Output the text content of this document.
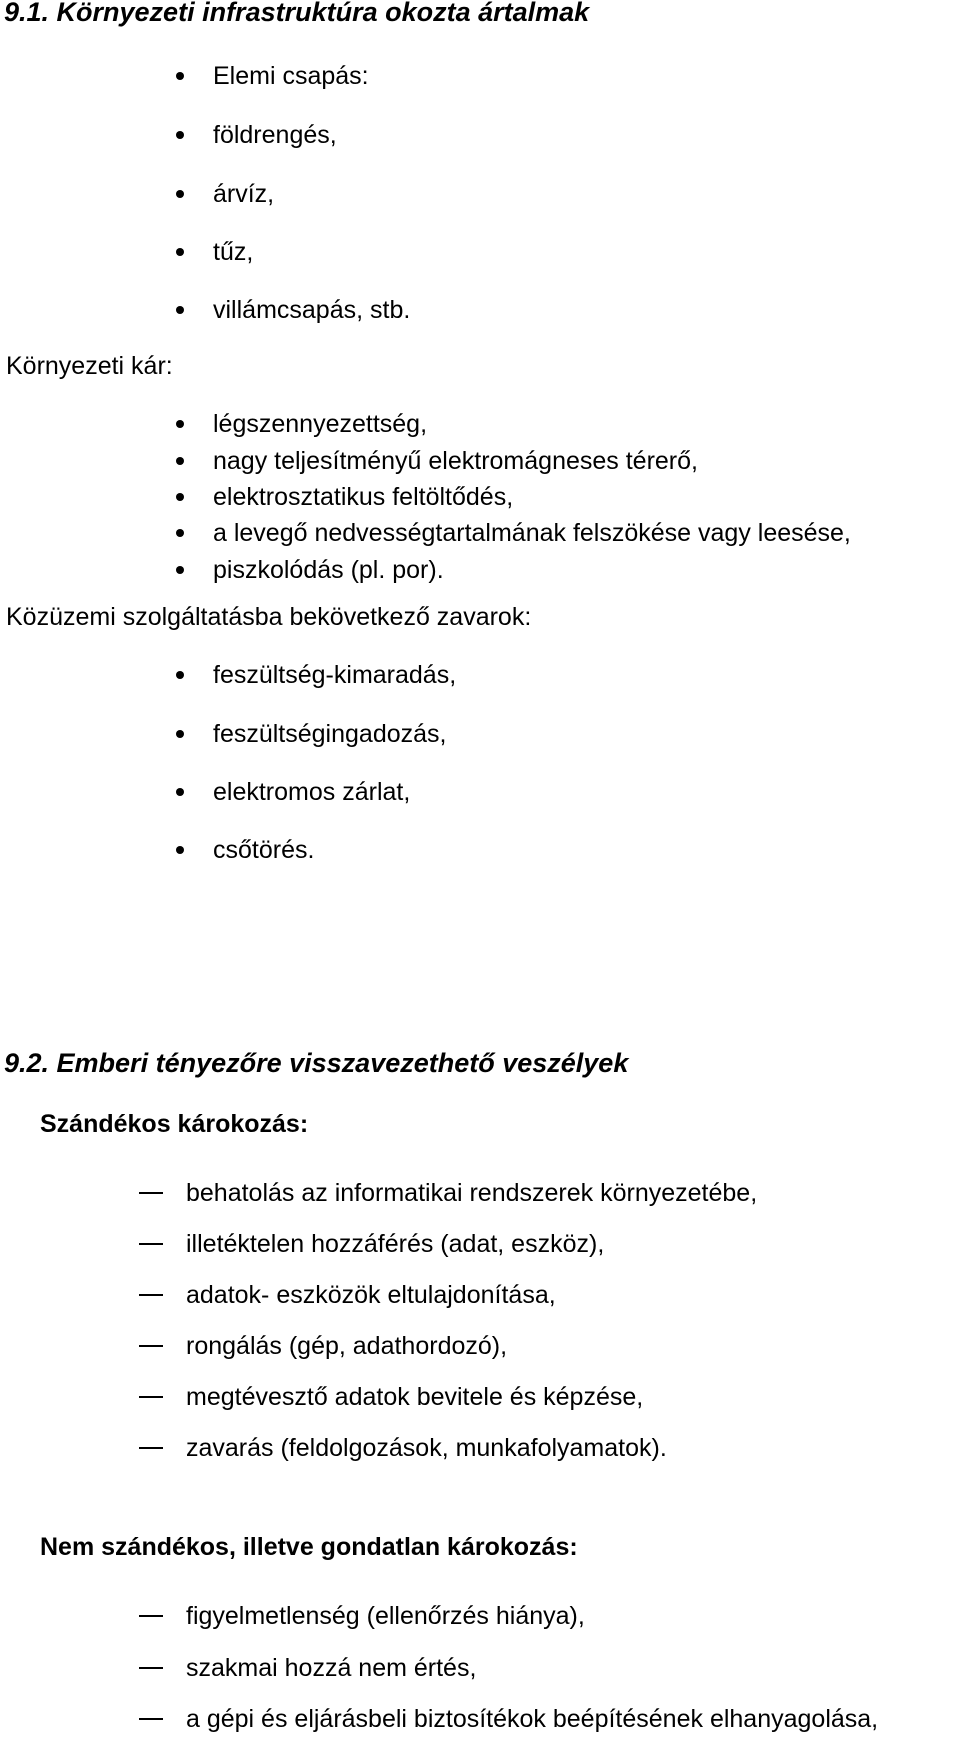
9.1. Környezeti infrastruktúra okozta ártalmak
Elemi csapás:
földrengés,
árvíz,
tűz,
villámcsapás, stb.
Környezeti kár:
légszennyezettség,
nagy teljesítményű elektromágneses térerő,
elektrosztatikus feltöltődés,
a levegő nedvességtartalmának felszökése vagy leesése,
piszkolódás (pl. por).
Közüzemi szolgáltatásba bekövetkező zavarok:
feszültség-kimaradás,
feszültségingadozás,
elektromos zárlat,
csőtörés.
9.2. Emberi tényezőre visszavezethető veszélyek
Szándékos károkozás:
behatolás az informatikai rendszerek környezetébe,
illetéktelen hozzáférés (adat, eszköz),
adatok- eszközök eltulajdonítása,
rongálás (gép, adathordozó),
megtévesztő adatok bevitele és képzése,
zavarás (feldolgozások, munkafolyamatok).
Nem szándékos, illetve gondatlan károkozás:
figyelmetlenség (ellenőrzés hiánya),
szakmai hozzá nem értés,
a gépi és eljárásbeli biztosítékok beépítésének elhanyagolása,
